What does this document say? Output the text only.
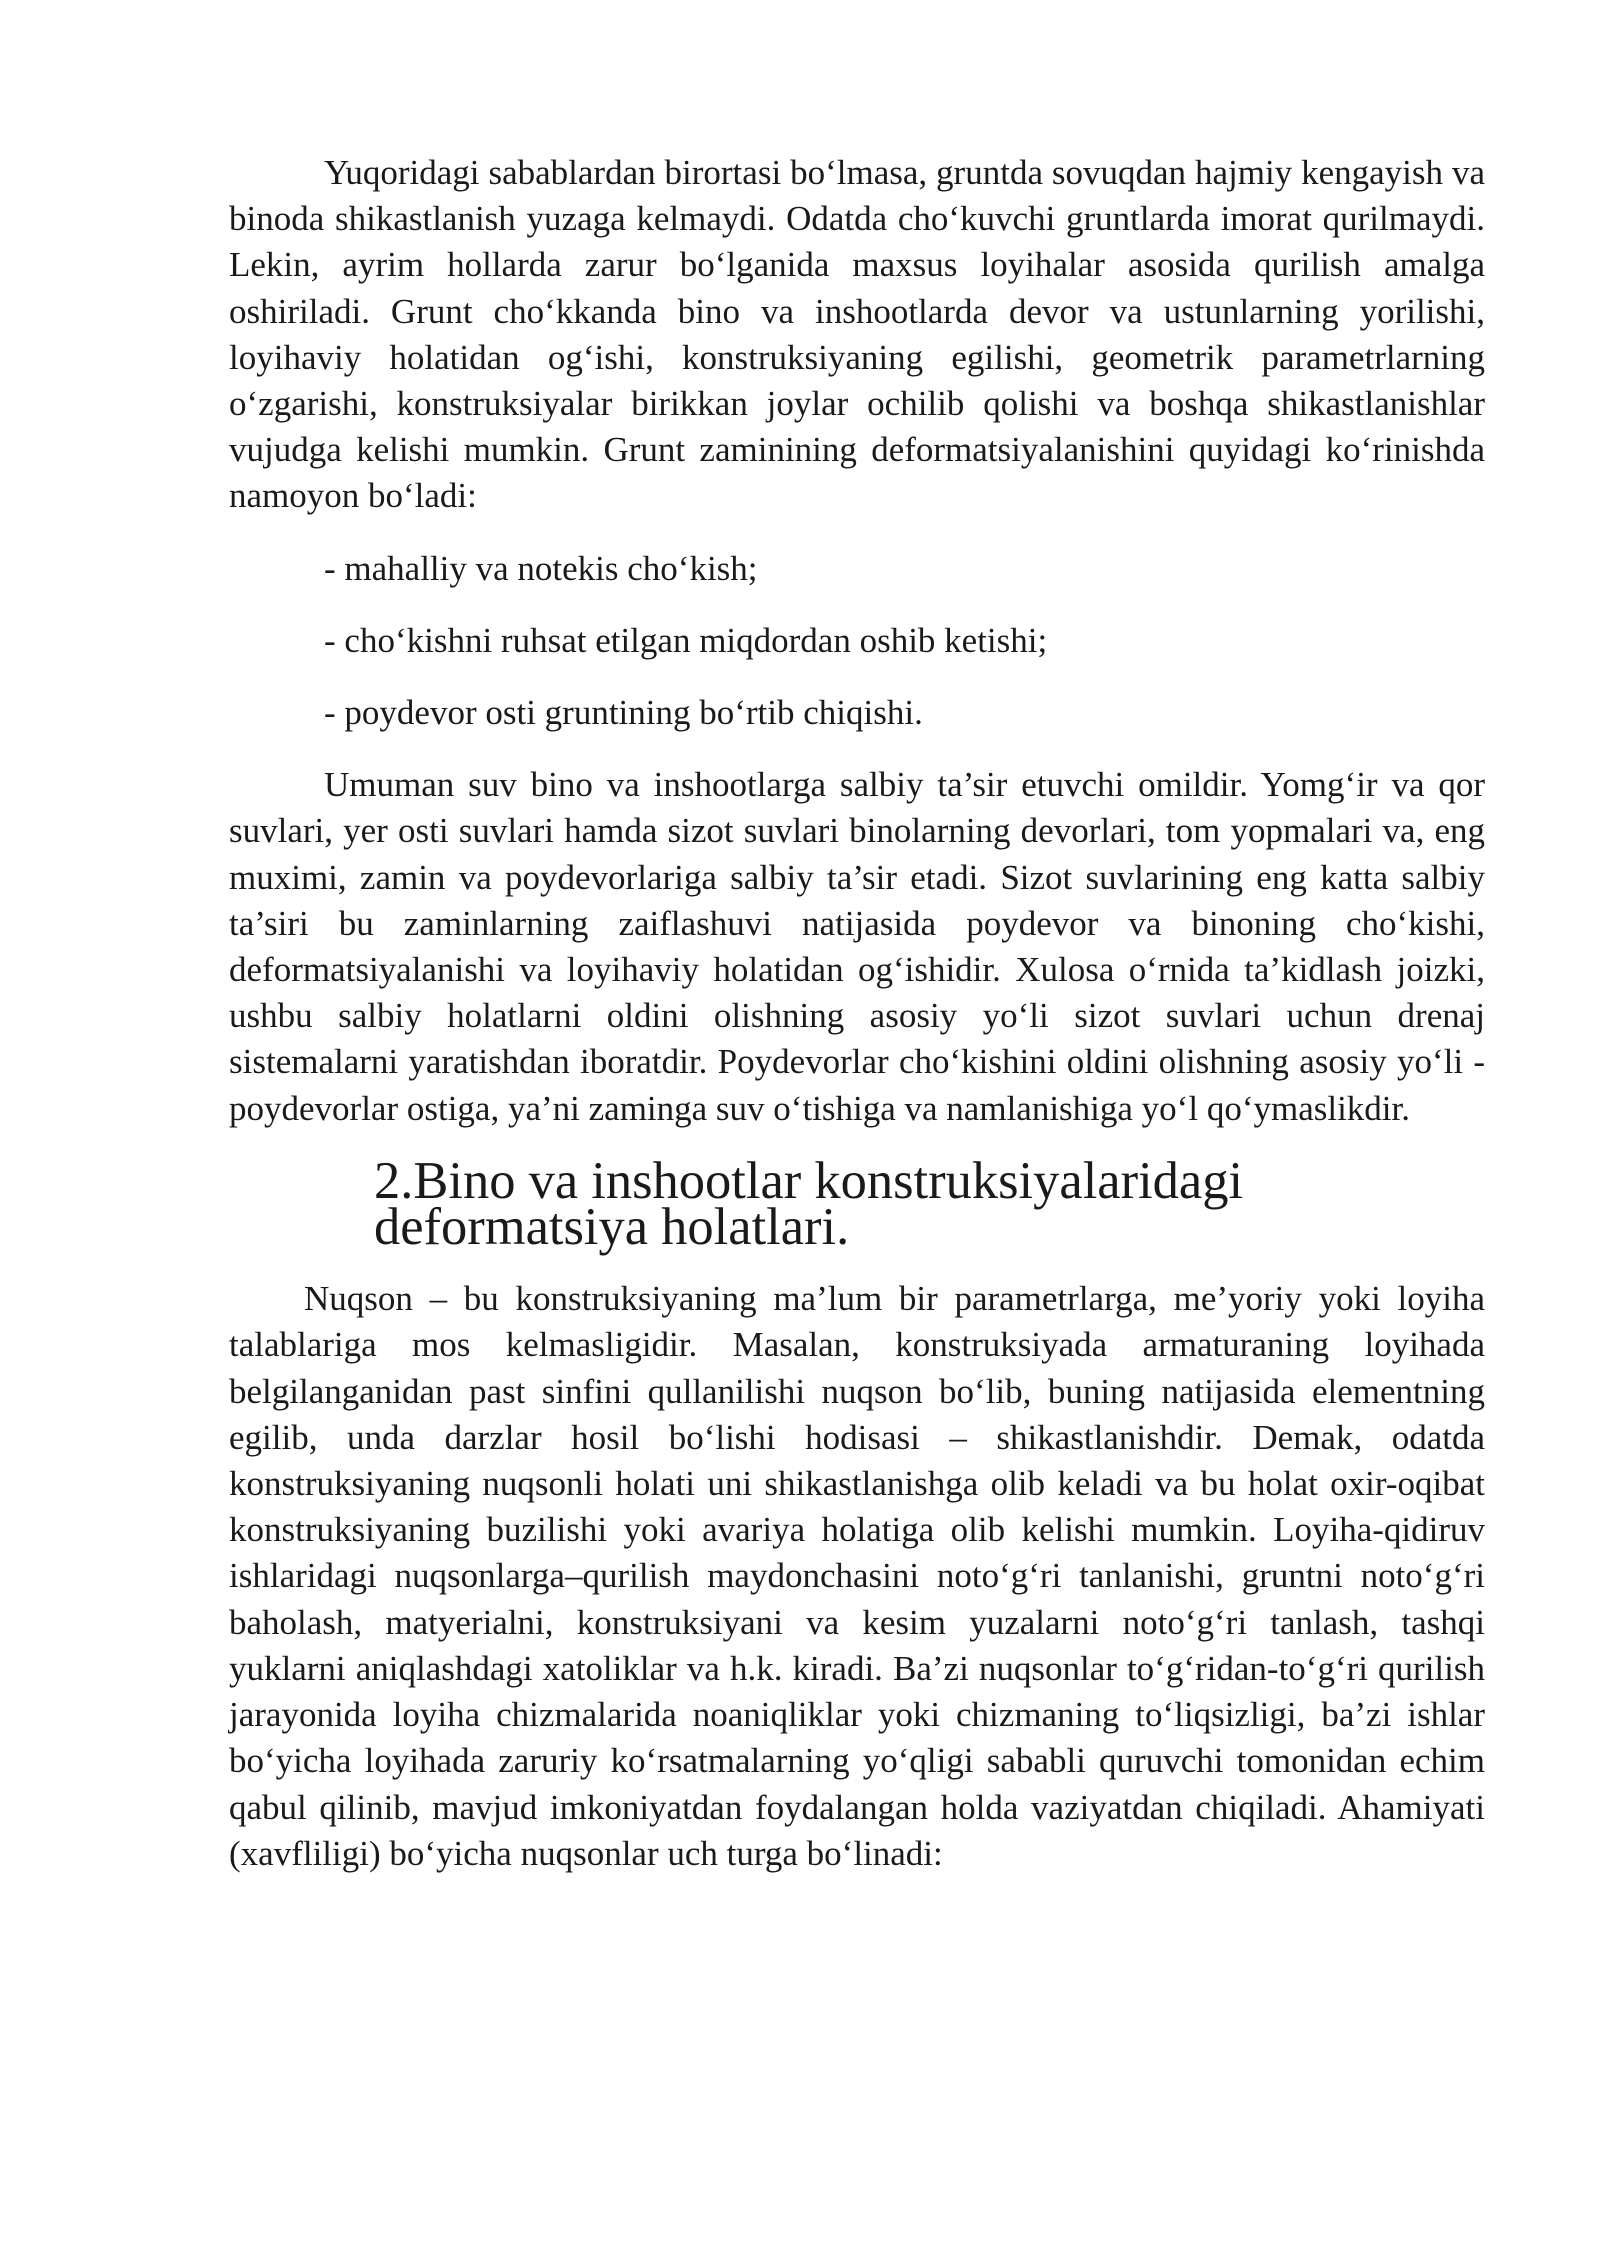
Yuqoridagi sabablardan birortasi bo‘lmasa, gruntda sovuqdan hajmiy kengayish va binoda shikastlanish yuzaga kelmaydi. Odatda cho‘kuvchi gruntlarda imorat qurilmaydi. Lekin, ayrim hollarda zarur bo‘lganida maxsus loyihalar asosida qurilish amalga oshiriladi. Grunt cho‘kkanda bino va inshootlarda devor va ustunlarning yorilishi, loyihaviy holatidan og‘ishi, konstruksiyaning egilishi, geometrik parametrlarning o‘zgarishi, konstruksiyalar birikkan joylar ochilib qolishi va boshqa shikastlanishlar vujudga kelishi mumkin. Grunt zaminining deformatsiyalanishini quyidagi ko‘rinishda namoyon bo‘ladi:

- mahalliy va notekis cho‘kish;
- cho‘kishni ruhsat etilgan miqdordan oshib ketishi;
- poydevor osti gruntining bo‘rtib chiqishi.

Umuman suv bino va inshootlarga salbiy ta’sir etuvchi omildir. Yomg‘ir va qor suvlari, yer osti suvlari hamda sizot suvlari binolarning devorlari, tom yopmalari va, eng muximi, zamin va poydevorlariga salbiy ta’sir etadi. Sizot suvlarining eng katta salbiy ta’siri bu zaminlarning zaiflashuvi natijasida poydevor va binoning cho‘kishi, deformatsiyalanishi va loyihaviy holatidan og‘ishidir. Xulosa o‘rnida ta’kidlash joizki, ushbu salbiy holatlarni oldini olishning asosiy yo‘li sizot suvlari uchun drenaj sistemalarni yaratishdan iboratdir. Poydevorlar cho‘kishini oldini olishning asosiy yo‘li - poydevorlar ostiga, ya’ni zaminga suv o‘tishiga va namlanishiga yo‘l qo‘ymaslikdir.

2.Bino va inshootlar konstruksiyalaridagi deformatsiya holatlari.

Nuqson – bu konstruksiyaning ma’lum bir parametrlarga, me’yoriy yoki loyiha talablariga mos kelmasligidir. Masalan, konstruksiyada armaturaning loyihada belgilanganidan past sinfini qullanilishi nuqson bo‘lib, buning natijasida elementning egilib, unda darzlar hosil bo‘lishi hodisasi – shikastlanishdir. Demak, odatda konstruksiyaning nuqsonli holati uni shikastlanishga olib keladi va bu holat oxir-oqibat konstruksiyaning buzilishi yoki avariya holatiga olib kelishi mumkin. Loyiha-qidiruv ishlaridagi nuqsonlarga–qurilish maydonchasini noto‘g‘ri tanlanishi, gruntni noto‘g‘ri baholash, matyerialni, konstruksiyani va kesim yuzalarni noto‘g‘ri tanlash, tashqi yuklarni aniqlashdagi xatoliklar va h.k. kiradi. Ba’zi nuqsonlar to‘g‘ridan-to‘g‘ri qurilish jarayonida loyiha chizmalarida noaniqliklar yoki chizmaning to‘liqsizligi, ba’zi ishlar bo‘yicha loyihada zaruriy ko‘rsatmalarning yo‘qligi sababli quruvchi tomonidan echim qabul qilinib, mavjud imkoniyatdan foydalangan holda vaziyatdan chiqiladi. Ahamiyati (xavfliligi) bo‘yicha nuqsonlar uch turga bo‘linadi:
